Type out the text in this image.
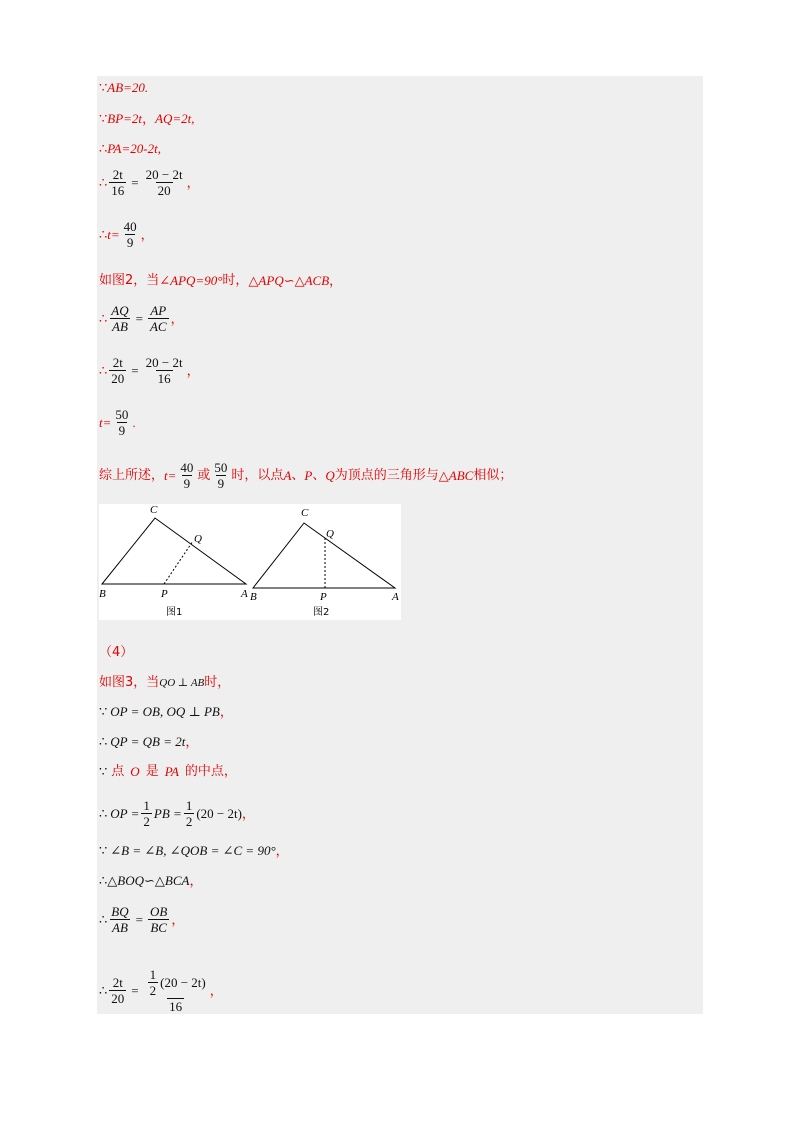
∵ AB=20.
∵ BP=2t ， AQ=2t ,
∴ PA=20-2t ,
∴ $\frac{2t}{16} = \frac{20 - 2t}{20}$ ，
∴ $t= \frac{40}{9}$ ，
如图2，当 ∠APQ=90° 时， △APQ∽△ACB ，
∴ $\frac{AQ}{AB} = \frac{AP}{AC}$ ，
∴ $\frac{2t}{20} = \frac{20 - 2t}{16}$ ，
$t= \frac{50}{9}$ .
综上所述， $t= \frac{40}{9}$ 或 $\frac{50}{9}$ 时，以点 A 、 P 、 Q 为顶点的三角形与 △ABC 相似；
C
Q
B	P	A
图1
C
Q
B	P	A
图2
（4）
如图3，当 QO ⊥ AB 时，
∵ OP = OB, OQ ⊥ PB ，
∴ QP = QB = 2t ，
∵ 点 O 是 PA 的中点，
∴ OP = $\frac{1}{2}$ PB = $\frac{1}{2} (20 - 2t)$ ，
∵ ∠B = ∠B, ∠QOB = ∠C = 90° ，
∴ △BOQ∽△BCA ，
∴ $\frac{BQ}{AB} = \frac{OB}{BC}$ ，
∴ $\frac{2t}{20} = \frac{\frac{1}{2} (20 - 2t)}{16}$ ，
